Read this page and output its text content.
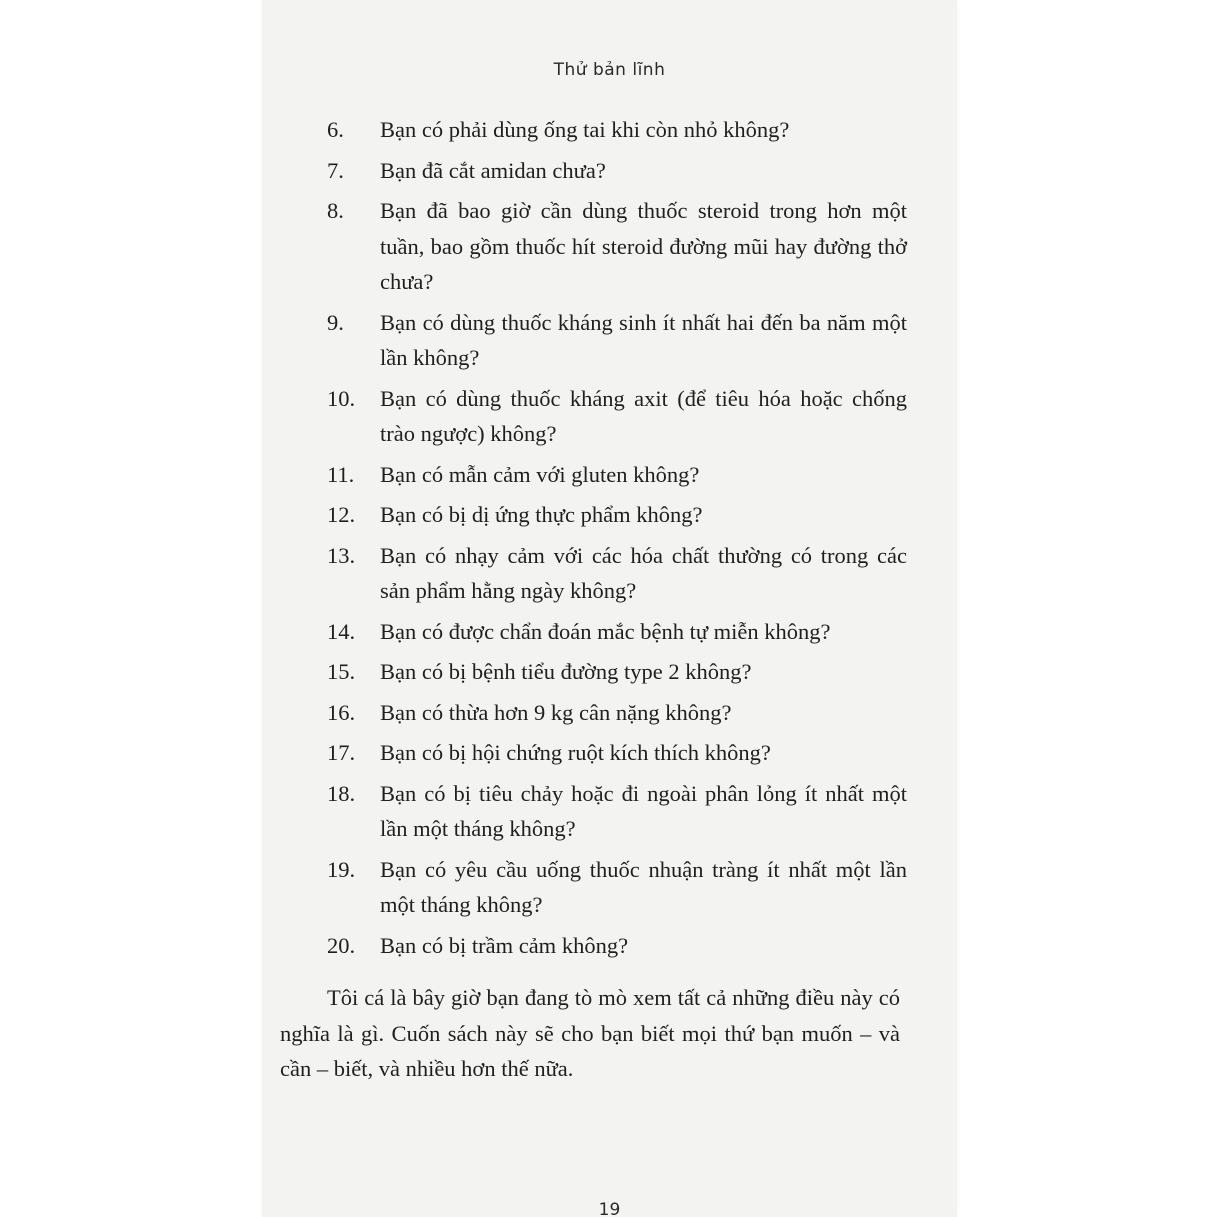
Thử bản lĩnh
6.	Bạn có phải dùng ống tai khi còn nhỏ không?
7.	Bạn đã cắt amidan chưa?
8.	Bạn đã bao giờ cần dùng thuốc steroid trong hơn một tuần, bao gồm thuốc hít steroid đường mũi hay đường thở chưa?
9.	Bạn có dùng thuốc kháng sinh ít nhất hai đến ba năm một lần không?
10.	Bạn có dùng thuốc kháng axit (để tiêu hóa hoặc chống trào ngược) không?
11.	Bạn có mẫn cảm với gluten không?
12.	Bạn có bị dị ứng thực phẩm không?
13.	Bạn có nhạy cảm với các hóa chất thường có trong các sản phẩm hằng ngày không?
14.	Bạn có được chẩn đoán mắc bệnh tự miễn không?
15.	Bạn có bị bệnh tiểu đường type 2 không?
16.	Bạn có thừa hơn 9 kg cân nặng không?
17.	Bạn có bị hội chứng ruột kích thích không?
18.	Bạn có bị tiêu chảy hoặc đi ngoài phân lỏng ít nhất một lần một tháng không?
19.	Bạn có yêu cầu uống thuốc nhuận tràng ít nhất một lần một tháng không?
20.	Bạn có bị trầm cảm không?

Tôi cá là bây giờ bạn đang tò mò xem tất cả những điều này có nghĩa là gì. Cuốn sách này sẽ cho bạn biết mọi thứ bạn muốn – và cần – biết, và nhiều hơn thế nữa.

19
